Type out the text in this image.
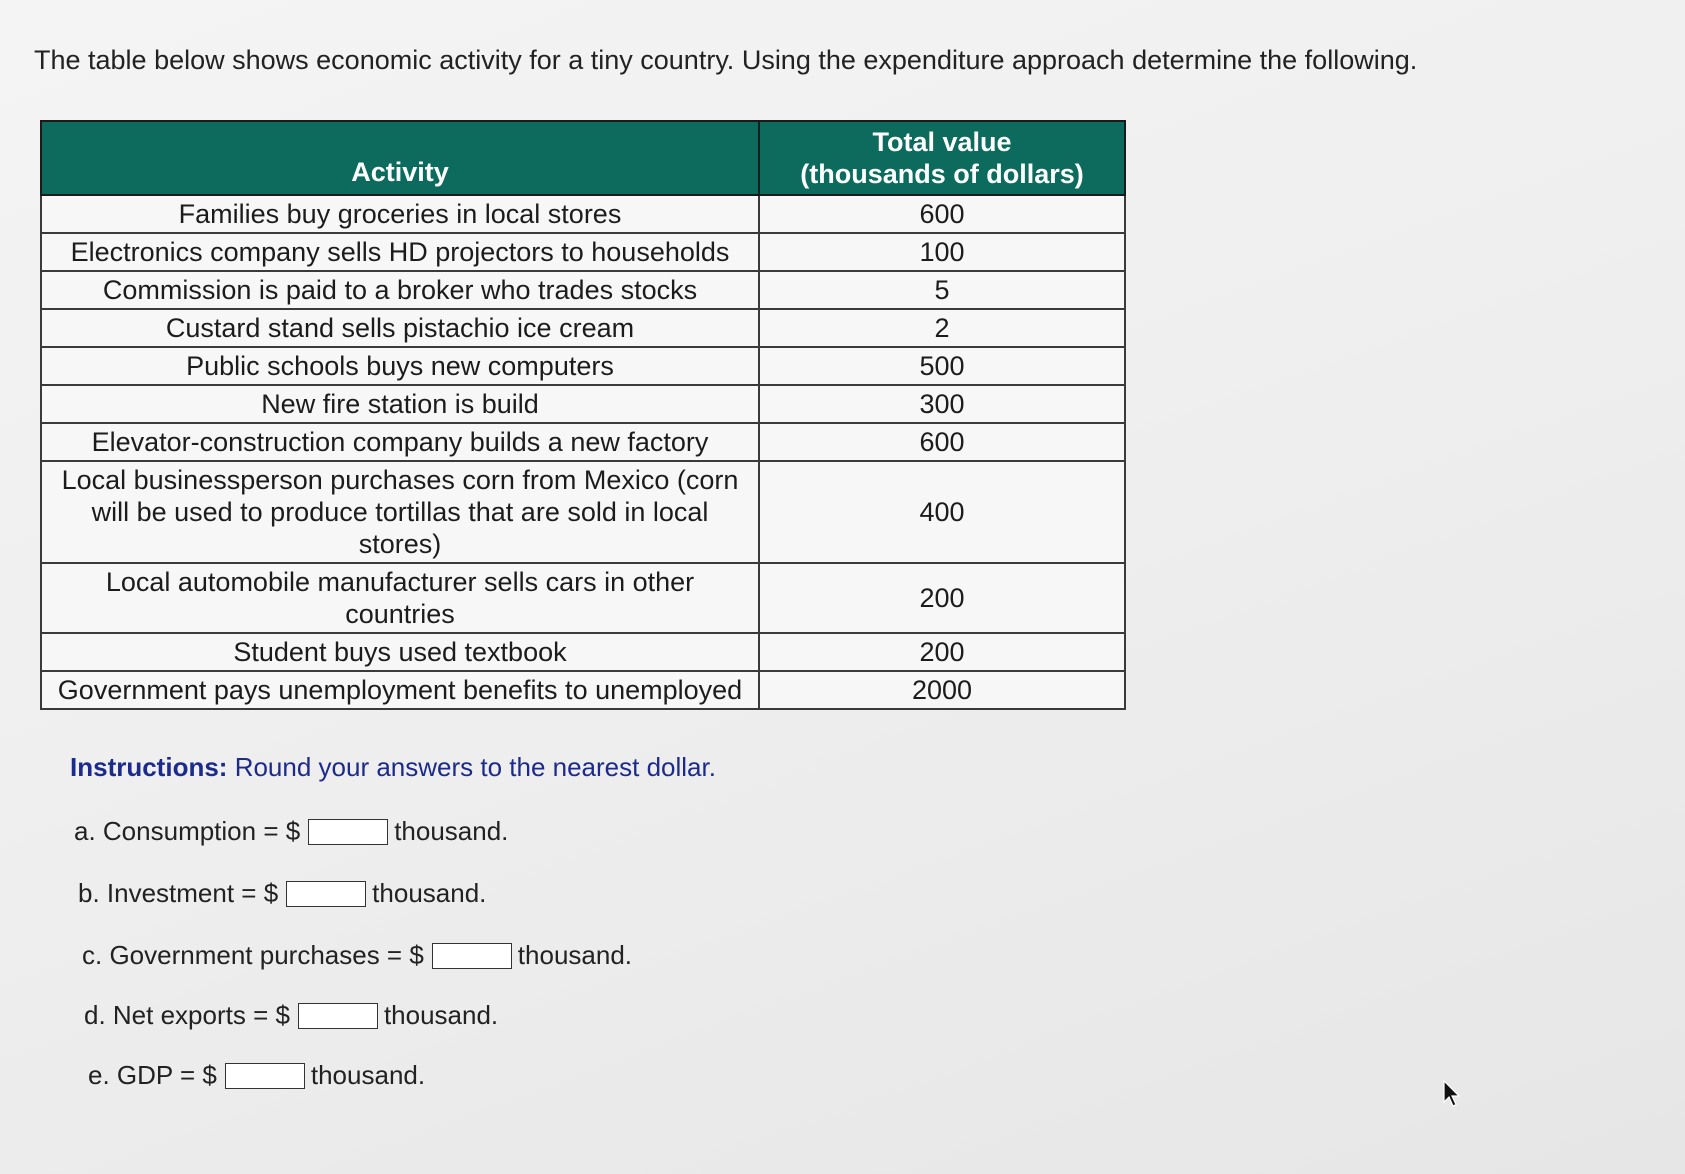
The table below shows economic activity for a tiny country. Using the expenditure approach determine the following.
Activity	Total value
(thousands of dollars)
Families buy groceries in local stores	600
Electronics company sells HD projectors to households	100
Commission is paid to a broker who trades stocks	5
Custard stand sells pistachio ice cream	2
Public schools buys new computers	500
New fire station is build	300
Elevator-construction company builds a new factory	600
Local businessperson purchases corn from Mexico (corn will be used to produce tortillas that are sold in local stores)	400
Local automobile manufacturer sells cars in other countries	200
Student buys used textbook	200
Government pays unemployment benefits to unemployed	2000
Instructions: Round your answers to the nearest dollar.
a. Consumption = $	thousand.
b. Investment = $	thousand.
c. Government purchases = $	thousand.
d. Net exports = $	thousand.
e. GDP = $	thousand.
